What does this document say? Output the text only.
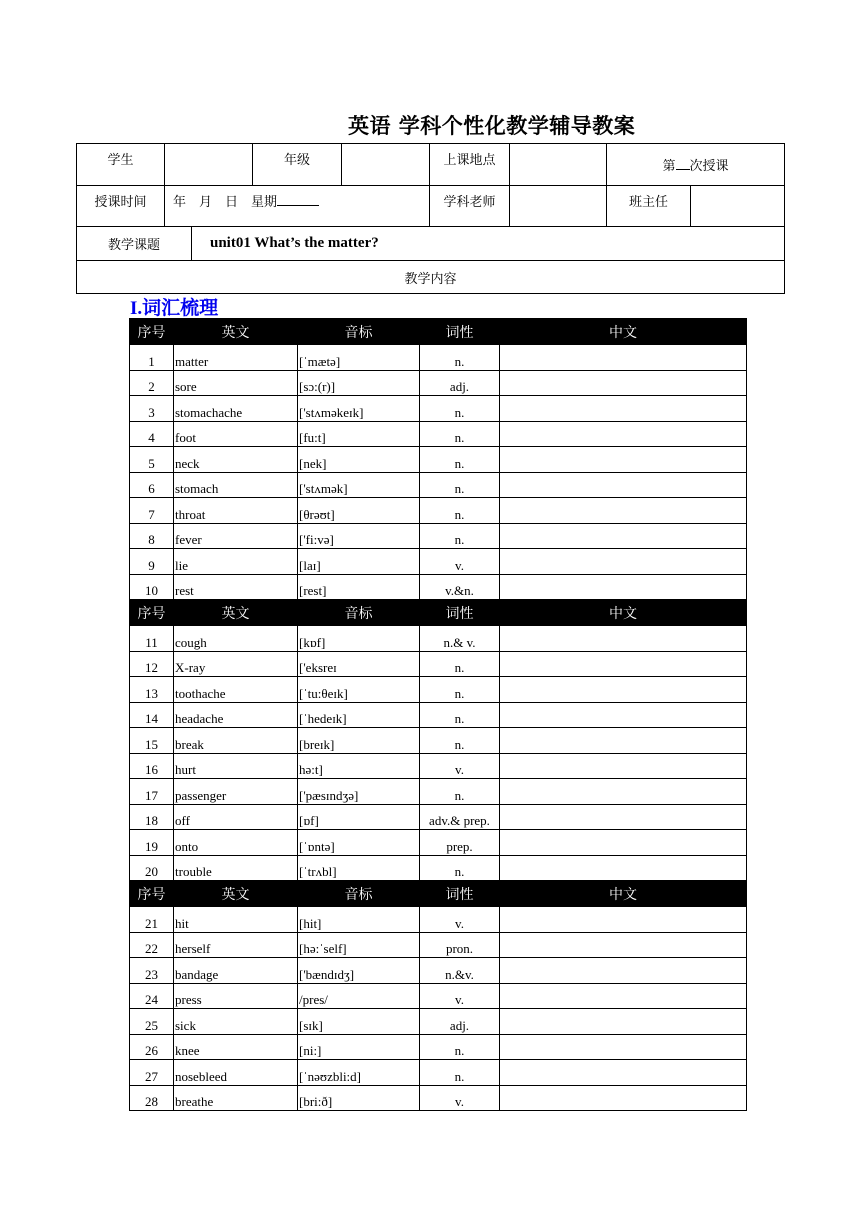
英语 学科个性化教学辅导教案
学生		年级		上课地点		第 次授课	
授课时间	年　月　日　星期			学科老师		班主任	

教学课题 unit01 What’s the matter?							

教学内容							
I.词汇梳理
序号	英文	音标	词性	中文
1	matter	[ˈmætə]	n.	
2	sore	[sɔ:(r)]	adj.	
3	stomachache	['stʌməkeɪk]	n.	
4	foot	[fu:t]	n.	
5	neck	[nek]	n.	
6	stomach	['stʌmək]	n.	
7	throat	[θrəʊt]	n.	
8	fever	['fi:və]	n.	
9	lie	[laɪ]	v.	
10	rest	[rest]	v.&n.	
序号	英文	音标	词性	中文
11	cough	[kɒf]	n.& v.	
12	X-ray	['eksreɪ	n.	
13	toothache	[ˈtu:θeɪk]	n.	
14	headache	[ˈhedeɪk]	n.	
15	break	[breɪk]	n.	
16	hurt	hə:t]	v.	
17	passenger	['pæsɪndʒə]	n.	
18	off	[ɒf]	adv.& prep.	
19	onto	[ˈɒntə]	prep.	
20	trouble	[ˈtrʌbl]	n.	
序号	英文	音标	词性	中文
21	hit	[hit]	v.	
22	herself	[hə:ˈself]	pron.	
23	bandage	['bændɪdʒ]	n.&v.	
24	press	/pres/	v.	
25	sick	[sɪk]	adj.	
26	knee	[ni:]	n.	
27	nosebleed	[ˈnəʊzbli:d]	n.	
28	breathe	[bri:ð]	v.	
